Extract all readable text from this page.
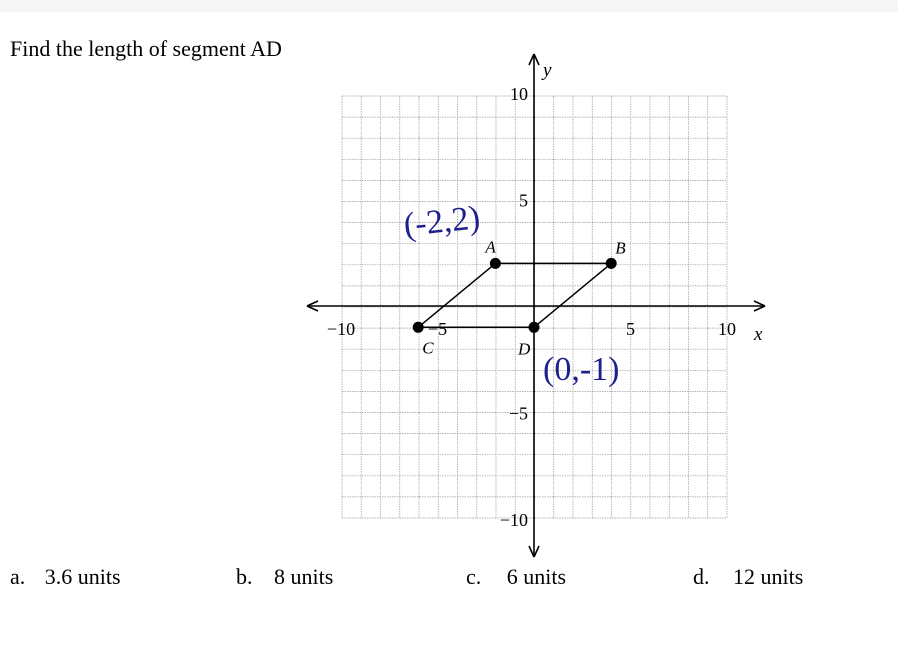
Find the length of segment AD
y
x
−10	−5	5	10
10
5
−5
−10
A	B
C	D
(-2,2)
(0,-1)
a. 3.6 units	b. 8 units	c. 6 units	d. 12 units
